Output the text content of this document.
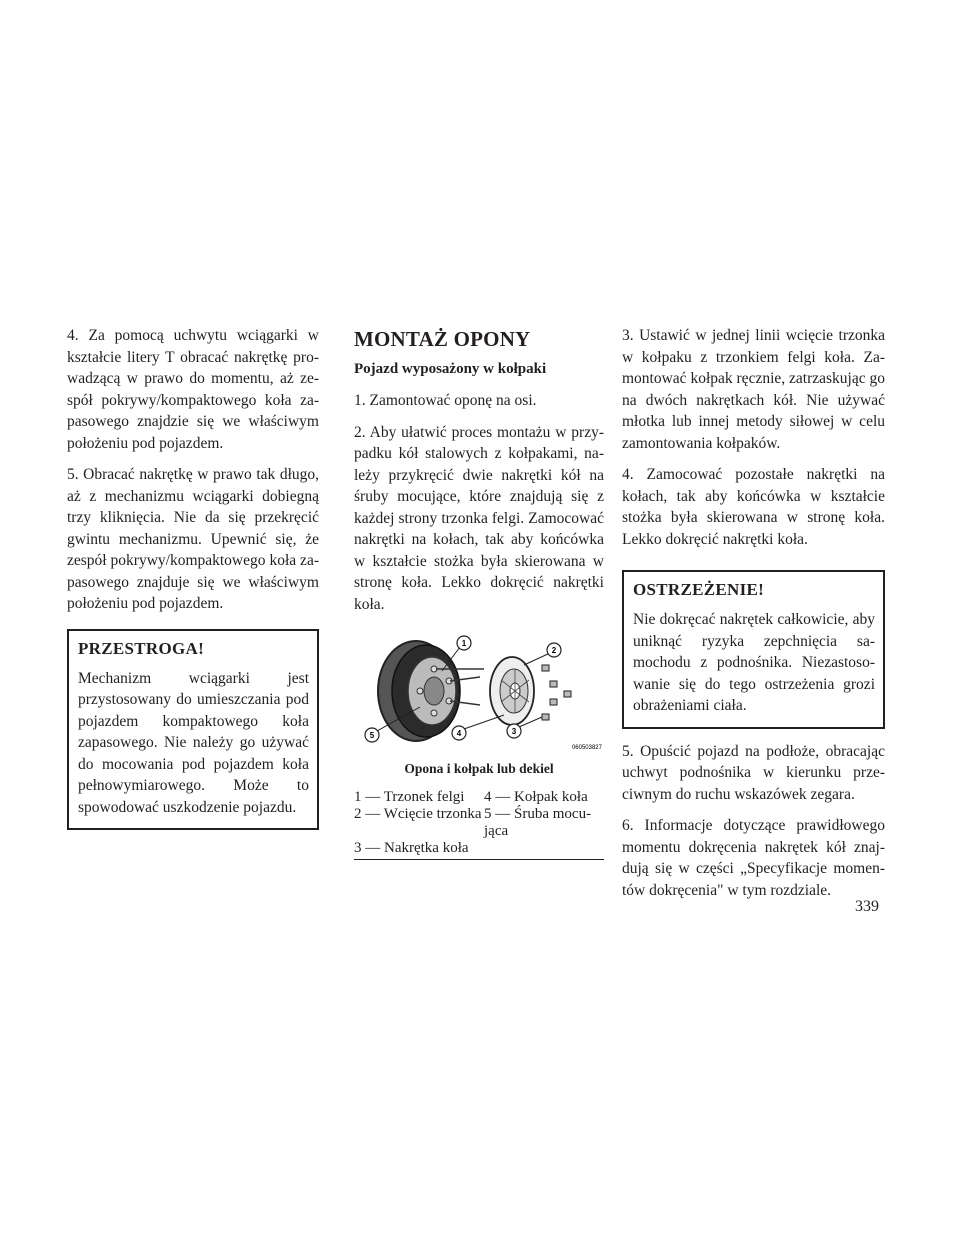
4. Za pomocą uchwytu wciągarki w kształcie litery T obracać nakrętkę prowadzącą w prawo do momentu, aż zespół pokrywy/kompaktowego koła zapasowego znajdzie się we właściwym położeniu pod pojazdem.

5. Obracać nakrętkę w prawo tak długo, aż z mechanizmu wciągarki dobiegną trzy kliknięcia. Nie da się przekręcić gwintu mechanizmu. Upewnić się, że zespół pokrywy/kompaktowego koła zapasowego znajduje się we właściwym położeniu pod pojazdem.

PRZESTROGA!

Mechanizm wciągarki jest przystosowany do umieszczania pod pojazdem kompaktowego koła zapasowego. Nie należy go używać do mocowania pod pojazdem koła pełnowymiarowego. Może to spowodować uszkodzenie pojazdu.

MONTAŻ OPONY
Pojazd wyposażony w kołpaki

1. Zamontować oponę na osi.

2. Aby ułatwić proces montażu w przypadku kół stalowych z kołpakami, należy przykręcić dwie nakrętki kół na śruby mocujące, które znajdują się z każdej strony trzonka felgi. Zamocować nakrętki na kołach, tak aby końcówka w kształcie stożka była skierowana w stronę koła. Lekko dokręcić nakrętki koła.

1
2
3
4
5
060503827
Opona i kołpak lub dekiel
1 — Trzonek felgi	4 — Kołpak koła
2 — Wcięcie trzonka 5 — Śruba mocująca
3 — Nakrętka koła

3. Ustawić w jednej linii wcięcie trzonka w kołpaku z trzonkiem felgi koła. Zamontować kołpak ręcznie, zatrzaskując go na dwóch nakrętkach kół. Nie używać młotka lub innej metody siłowej w celu zamontowania kołpaków.

4. Zamocować pozostałe nakrętki na kołach, tak aby końcówka w kształcie stożka była skierowana w stronę koła. Lekko dokręcić nakrętki koła.

OSTRZEŻENIE!

Nie dokręcać nakrętek całkowicie, aby uniknąć ryzyka zepchnięcia samochodu z podnośnika. Niezastosowanie się do tego ostrzeżenia grozi obrażeniami ciała.

5. Opuścić pojazd na podłoże, obracając uchwyt podnośnika w kierunku przeciwnym do ruchu wskazówek zegara.

6. Informacje dotyczące prawidłowego momentu dokręcenia nakrętek kół znajdują się w części „Specyfikacje momentów dokręcenia" w tym rozdziale.

339
